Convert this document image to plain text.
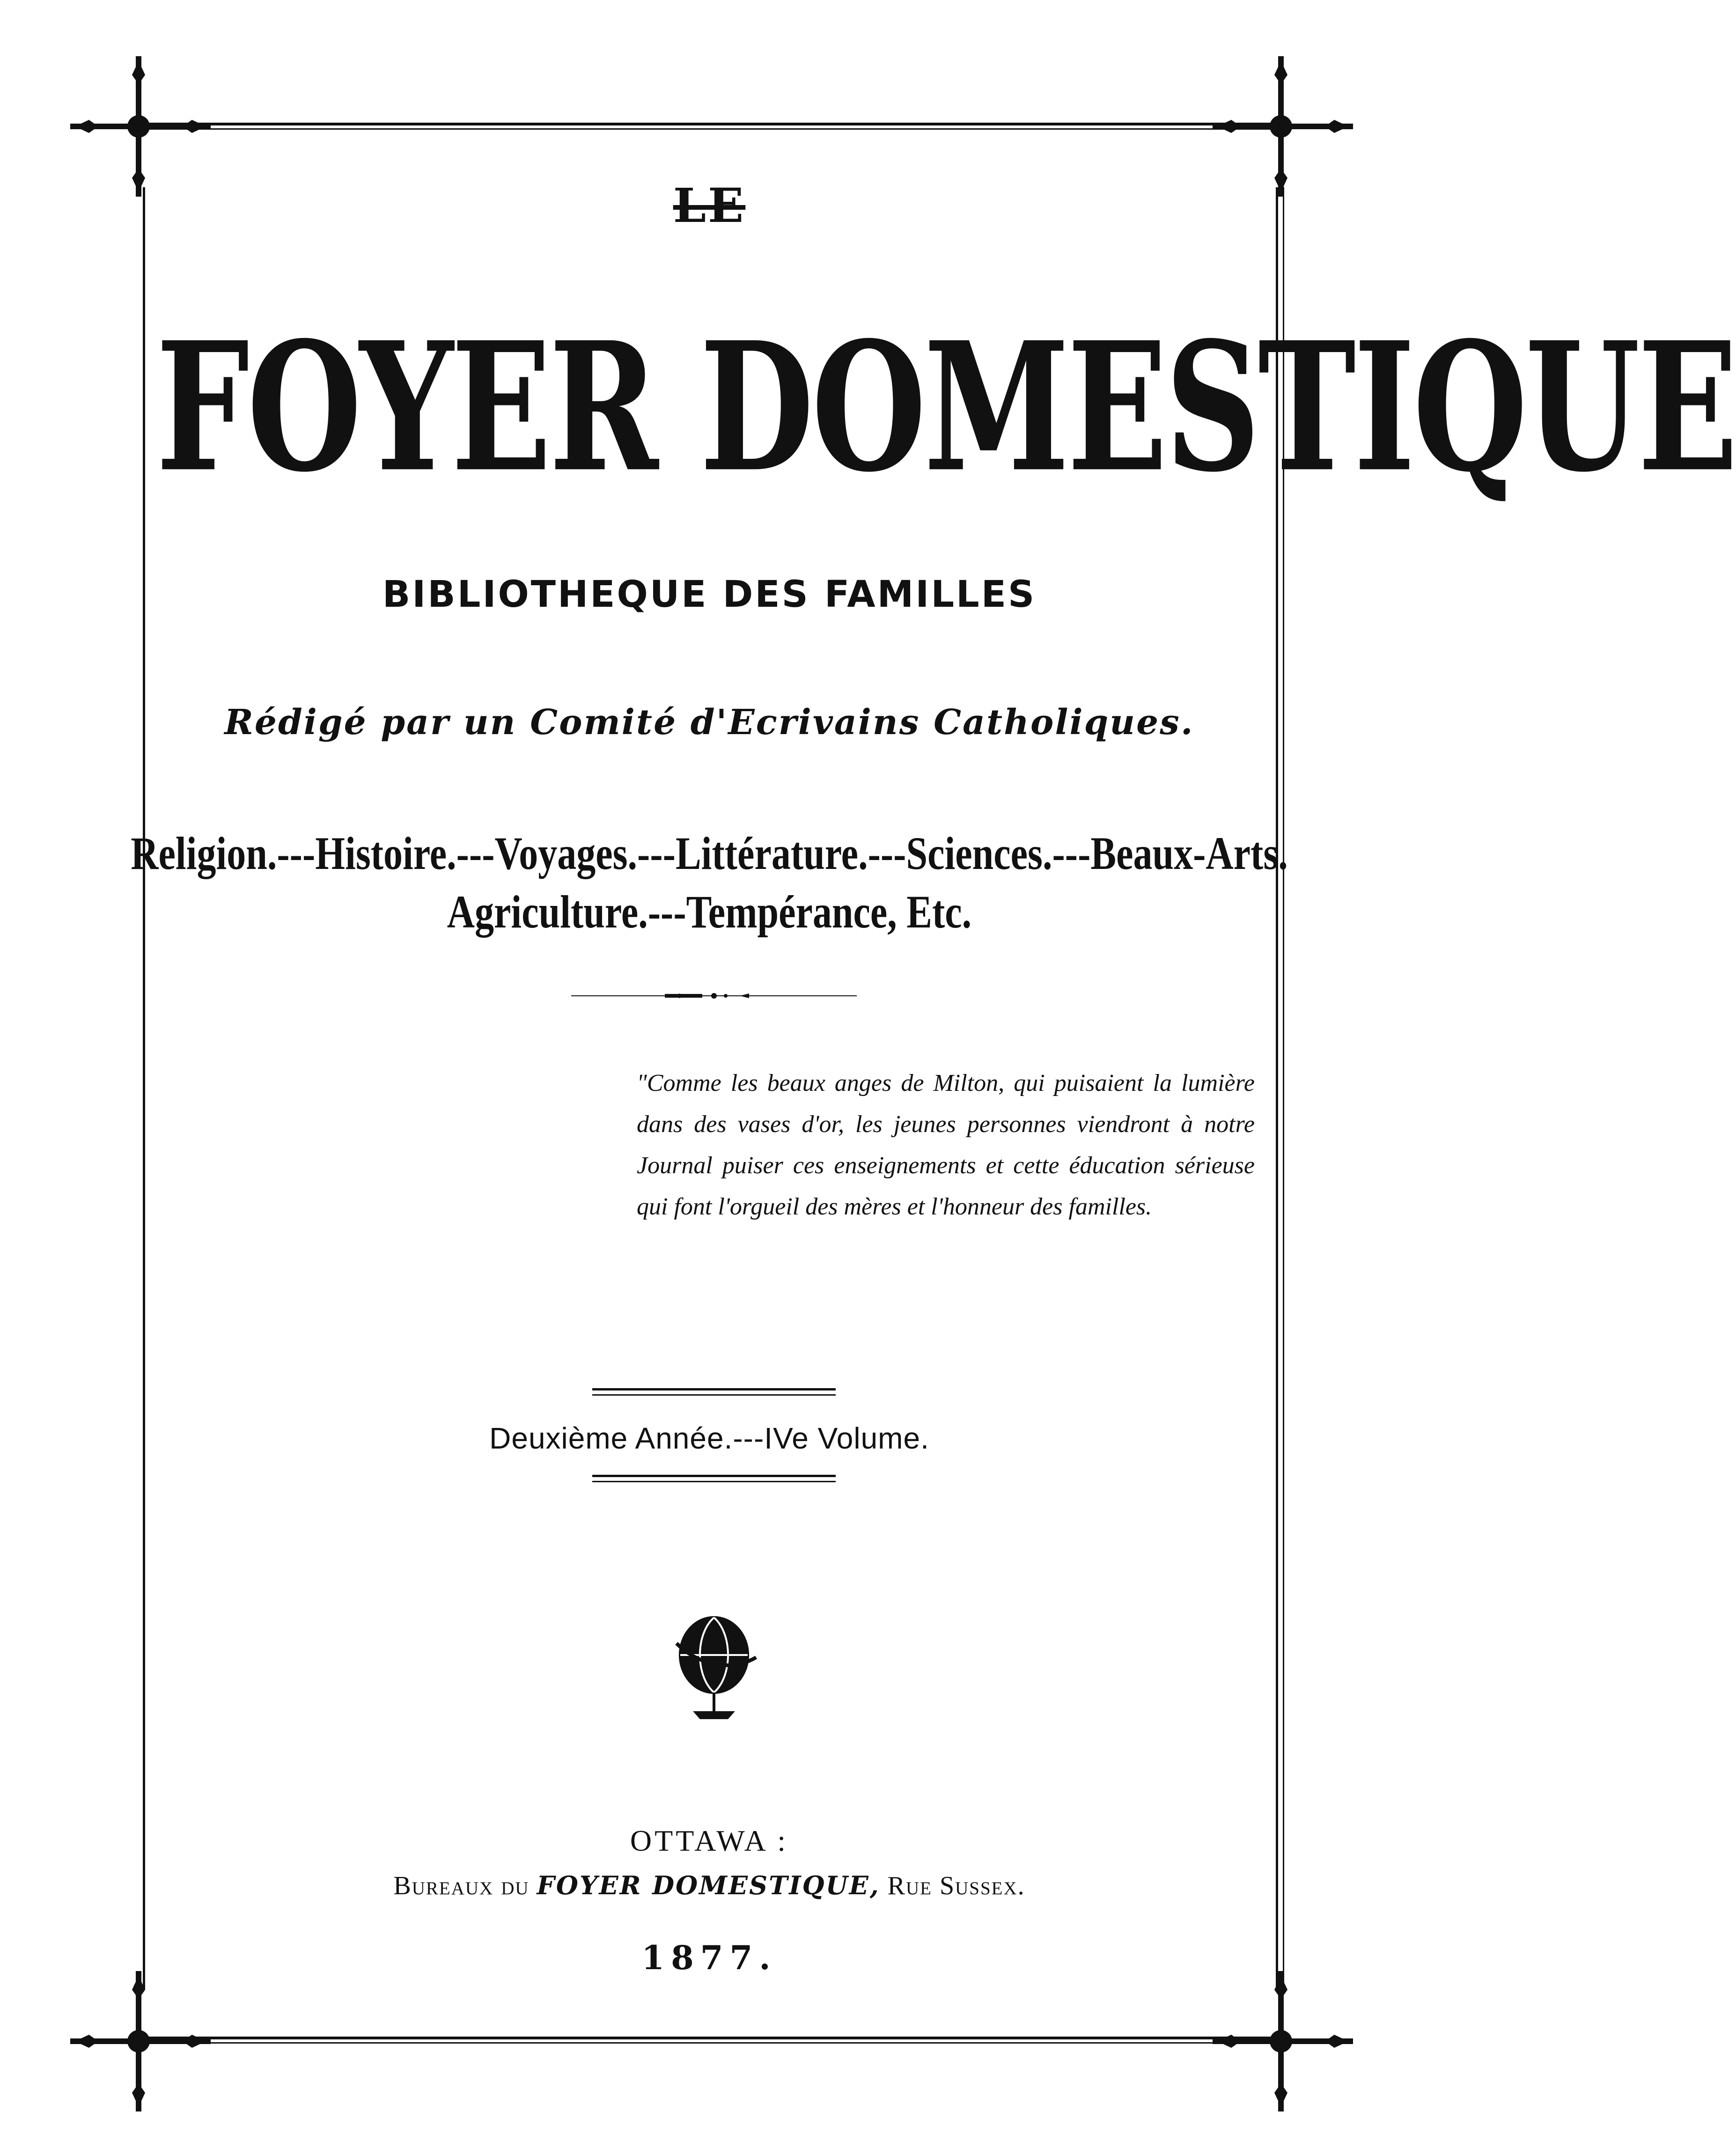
LE
FOYER DOMESTIQUE
BIBLIOTHEQUE DES FAMILLES
Rédigé par un Comité d'Ecrivains Catholiques.
Religion.---Histoire.---Voyages.---Littérature.---Sciences.---Beaux-Arts.
Agriculture.---Tempérance, Etc.
"Comme les beaux anges de Milton, qui puisaient la lumière dans des vases d'or, les jeunes personnes viendront à notre Journal puiser ces enseignements et cette éducation sérieuse qui font l'orgueil des mères et l'honneur des familles.
Deuxième Année.---IVe Volume.
OTTAWA :
Bureaux du FOYER DOMESTIQUE, Rue Sussex.
1877.
